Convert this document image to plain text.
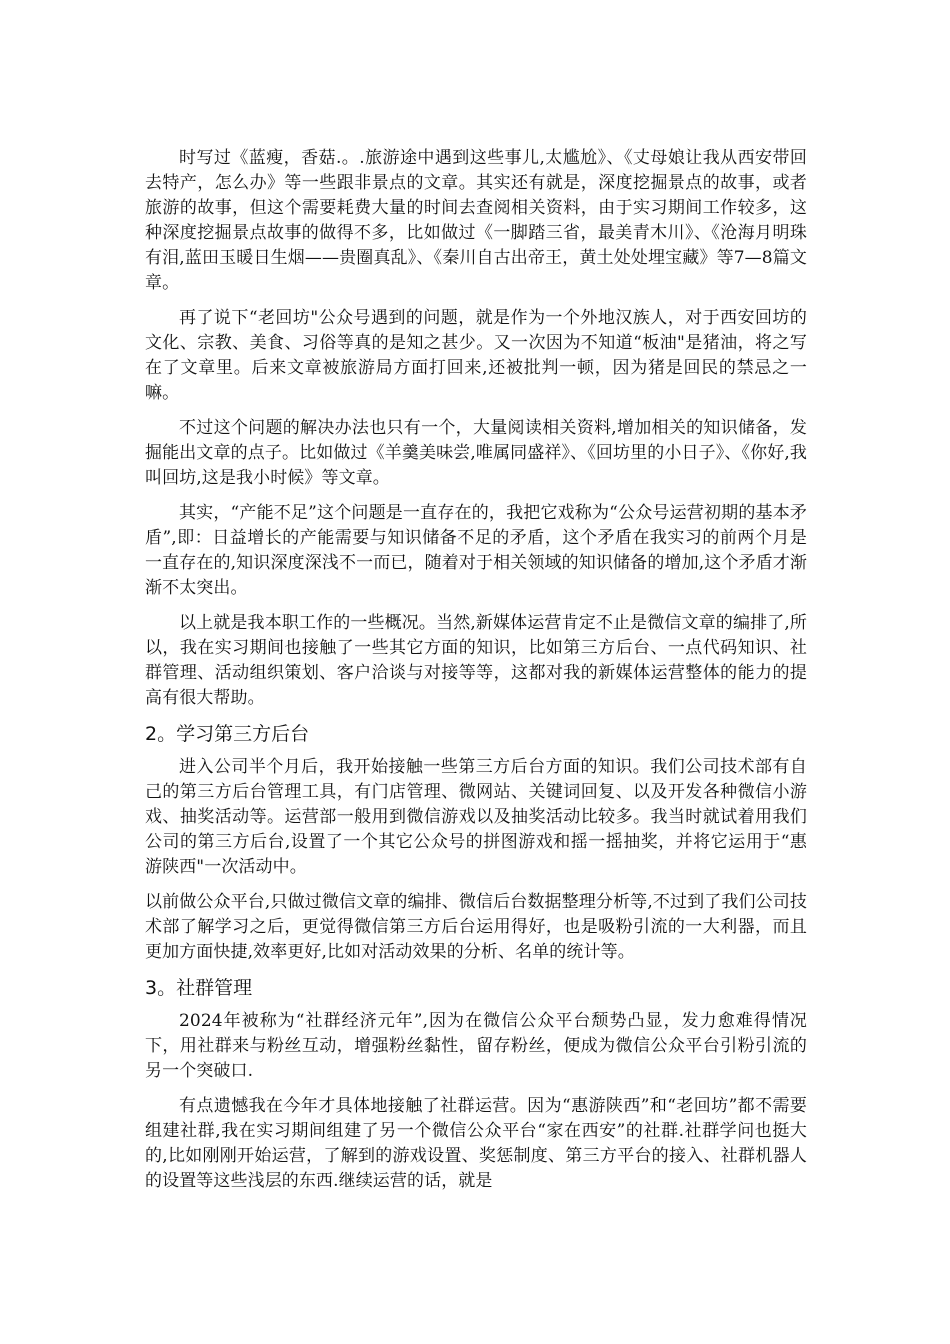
时写过《蓝瘦，香菇.。.旅游途中遇到这些事儿,太尴尬》、《丈母娘让我从西安带回去特产，怎么办》等一些跟非景点的文章。其实还有就是，深度挖掘景点的故事，或者旅游的故事，但这个需要耗费大量的时间去查阅相关资料，由于实习期间工作较多，这种深度挖掘景点故事的做得不多，比如做过《一脚踏三省，最美青木川》、《沧海月明珠有泪,蓝田玉暖日生烟——贵圈真乱》、《秦川自古出帝王，黄土处处埋宝藏》等7—8篇文章。

再了说下“老回坊"公众号遇到的问题，就是作为一个外地汉族人，对于西安回坊的文化、宗教、美食、习俗等真的是知之甚少。又一次因为不知道“板油"是猪油，将之写在了文章里。后来文章被旅游局方面打回来,还被批判一顿，因为猪是回民的禁忌之一嘛。

不过这个问题的解决办法也只有一个，大量阅读相关资料,增加相关的知识储备，发掘能出文章的点子。比如做过《羊羹美味尝,唯属同盛祥》、《回坊里的小日子》、《你好,我叫回坊,这是我小时候》等文章。

其实，“产能不足”这个问题是一直存在的，我把它戏称为“公众号运营初期的基本矛盾”,即：日益增长的产能需要与知识储备不足的矛盾，这个矛盾在我实习的前两个月是一直存在的,知识深度深浅不一而已，随着对于相关领域的知识储备的增加,这个矛盾才渐渐不太突出。

以上就是我本职工作的一些概况。当然,新媒体运营肯定不止是微信文章的编排了,所以，我在实习期间也接触了一些其它方面的知识，比如第三方后台、一点代码知识、社群管理、活动组织策划、客户洽谈与对接等等，这都对我的新媒体运营整体的能力的提高有很大帮助。

2。学习第三方后台

进入公司半个月后，我开始接触一些第三方后台方面的知识。我们公司技术部有自己的第三方后台管理工具，有门店管理、微网站、关键词回复、以及开发各种微信小游戏、抽奖活动等。运营部一般用到微信游戏以及抽奖活动比较多。我当时就试着用我们公司的第三方后台,设置了一个其它公众号的拼图游戏和摇一摇抽奖，并将它运用于“惠游陕西"一次活动中。

以前做公众平台,只做过微信文章的编排、微信后台数据整理分析等,不过到了我们公司技术部了解学习之后，更觉得微信第三方后台运用得好，也是吸粉引流的一大利器，而且更加方面快捷,效率更好,比如对活动效果的分析、名单的统计等。

3。社群管理

2024年被称为“社群经济元年”,因为在微信公众平台颓势凸显，发力愈难得情况下，用社群来与粉丝互动，增强粉丝黏性，留存粉丝，便成为微信公众平台引粉引流的另一个突破口.

有点遗憾我在今年才具体地接触了社群运营。因为“惠游陕西”和“老回坊”都不需要组建社群,我在实习期间组建了另一个微信公众平台“家在西安”的社群.社群学问也挺大的,比如刚刚开始运营，了解到的游戏设置、奖惩制度、第三方平台的接入、社群机器人的设置等这些浅层的东西.继续运营的话，就是
